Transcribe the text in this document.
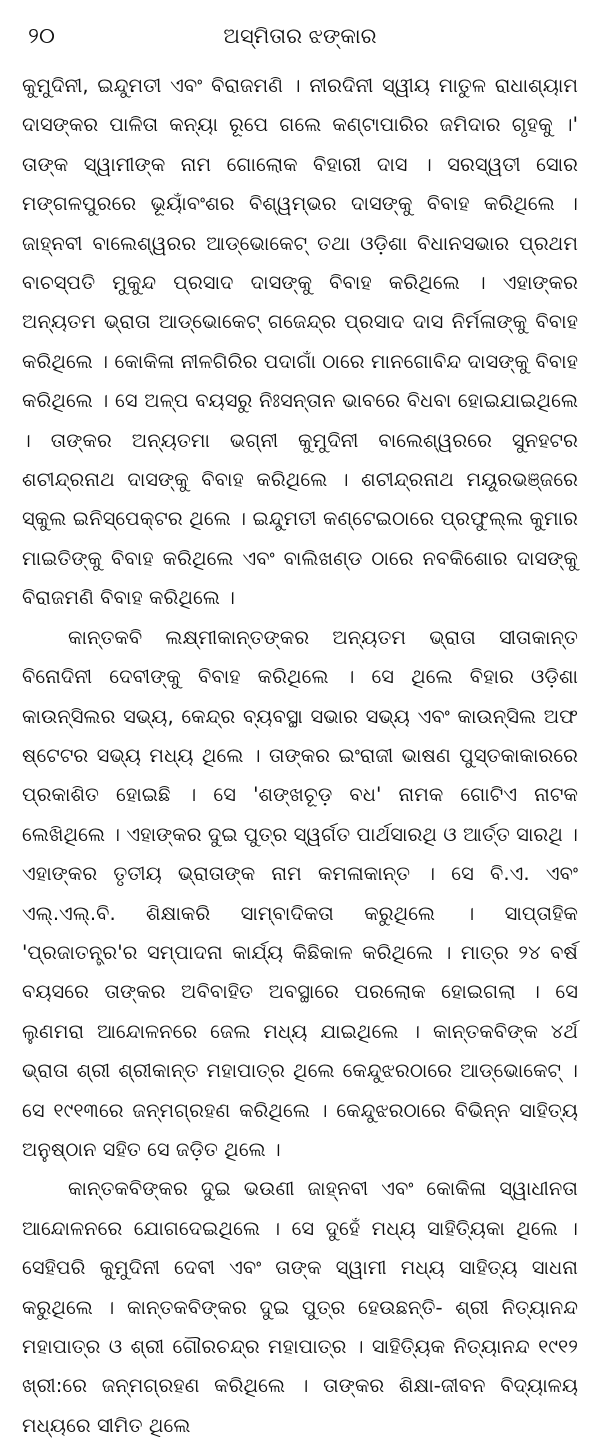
୨୦	ଅସ୍ମିତାର ଝଙ୍କାର

କୁମୁଦିନୀ, ଇନ୍ଦୁମତୀ ଏବଂ ବିରାଜମଣି । ନୀରଦିନୀ ସ୍ୱୀୟ ମାତୁଳ ରାଧାଶ୍ୟାମ ଦାସଙ୍କର ପାଳିତା କନ୍ୟା ରୂପେ ଗଲେ କଣ୍ଟାପାରିର ଜମିଦାର ଗୃହକୁ ।' ତାଙ୍କ ସ୍ୱାମୀଙ୍କ ନାମ ଗୋଲୋକ ବିହାରୀ ଦାସ । ସରସ୍ୱତୀ ସୋର ମଙ୍ଗଳପୁରରେ ଭୂୟାଁବଂଶର ବିଶ୍ୱମ୍ଭର ଦାସଙ୍କୁ ବିବାହ କରିଥିଲେ । ଜାହ୍ନବୀ ବାଲେଶ୍ୱରର ଆଡ୍‌ଭୋକେଟ୍ ତଥା ଓଡ଼ିଶା ବିଧାନସଭାର ପ୍ରଥମ ବାଚସ୍ପତି ମୁକୁନ୍ଦ ପ୍ରସାଦ ଦାସଙ୍କୁ ବିବାହ କରିଥିଲେ । ଏହାଙ୍କର ଅନ୍ୟତମ ଭ୍ରାତା ଆଡ୍‌ଭୋକେଟ୍ ଗଜେନ୍ଦ୍ର ପ୍ରସାଦ ଦାସ ନିର୍ମଳାଙ୍କୁ ବିବାହ କରିଥିଲେ । କୋକିଳା ନୀଳଗିରିର ପଦାଗାଁ ଠାରେ ମାନଗୋବିନ୍ଦ ଦାସଙ୍କୁ ବିବାହ କରିଥିଲେ । ସେ ଅଳ୍ପ ବୟସରୁ ନିଃସନ୍ତାନ ଭାବରେ ବିଧବା ହୋଇଯାଇଥିଲେ । ତାଙ୍କର ଅନ୍ୟତମା ଭଗ୍ନୀ କୁମୁଦିନୀ ବାଲେଶ୍ୱରରେ ସୁନହଟର ଶଚୀନ୍ଦ୍ରନାଥ ଦାସଙ୍କୁ ବିବାହ କରିଥିଲେ । ଶଚୀନ୍ଦ୍ରନାଥ ମୟୂରଭଞ୍ଜରେ ସ୍କୁଲ ଇନିସ୍‌ପେକ୍ଟର ଥିଲେ । ଇନ୍ଦୁମତୀ କଣ୍ଟେଇଠାରେ ପ୍ରଫୁଲ୍ଲ କୁମାର ମାଇତିଙ୍କୁ ବିବାହ କରିଥିଲେ ଏବଂ ବାଲିଖଣ୍ଡ ଠାରେ ନବକିଶୋର ଦାସଙ୍କୁ ବିରାଜମଣି ବିବାହ କରିଥିଲେ ।

କାନ୍ତକବି ଲକ୍ଷ୍ମୀକାନ୍ତଙ୍କର ଅନ୍ୟତମ ଭ୍ରାତା ସୀତାକାନ୍ତ ବିନୋଦିନୀ ଦେବୀଙ୍କୁ ବିବାହ କରିଥିଲେ । ସେ ଥିଲେ ବିହାର ଓଡ଼ିଶା କାଉନ୍‌ସିଲର ସଭ୍ୟ, କେନ୍ଦ୍ର ବ୍ୟବସ୍ଥା ସଭାର ସଭ୍ୟ ଏବଂ କାଉନ୍‌ସିଲ ଅଫ ଷ୍ଟେଟର ସଭ୍ୟ ମଧ୍ୟ ଥିଲେ । ତାଙ୍କର ଇଂରାଜୀ ଭାଷଣ ପୁସ୍ତକାକାରରେ ପ୍ରକାଶିତ ହୋଇଛି । ସେ 'ଶଙ୍ଖଚୂଡ଼ ବଧ' ନାମକ ଗୋଟିଏ ନାଟକ ଲେଖିଥିଲେ । ଏହାଙ୍କର ଦୁଇ ପୁତ୍ର ସ୍ୱର୍ଗତ ପାର୍ଥସାରଥି ଓ ଆର୍ତ୍ତ ସାରଥି । ଏହାଙ୍କର ତୃତୀୟ ଭ୍ରାତାଙ୍କ ନାମ କମଳାକାନ୍ତ । ସେ ବି.ଏ. ଏବଂ ଏଲ୍.ଏଲ୍.ବି. ଶିକ୍ଷାକରି ସାମ୍ବାଦିକତା କରୁଥିଲେ । ସାପ୍ତାହିକ 'ପ୍ରଜାତନ୍ତ୍ର'ର ସମ୍ପାଦନା କାର୍ଯ୍ୟ କିଛିକାଳ କରିଥିଲେ । ମାତ୍ର ୨୪ ବର୍ଷ ବୟସରେ ତାଙ୍କର ଅବିବାହିତ ଅବସ୍ଥାରେ ପରଲୋକ ହୋଇଗଲା । ସେ ଲୁଣମରା ଆନ୍ଦୋଳନରେ ଜେଲ ମଧ୍ୟ ଯାଇଥିଲେ । କାନ୍ତକବିଙ୍କ ୪ର୍ଥ ଭ୍ରାତା ଶ୍ରୀ ଶ୍ରୀକାନ୍ତ ମହାପାତ୍ର ଥିଲେ କେନ୍ଦୁଝରଠାରେ ଆଡ୍‌ଭୋକେଟ୍ । ସେ ୧୯୧୩ରେ ଜନ୍ମଗ୍ରହଣ କରିଥିଲେ । କେନ୍ଦୁଝରଠାରେ ବିଭିନ୍ନ ସାହିତ୍ୟ ଅନୁଷ୍ଠାନ ସହିତ ସେ ଜଡ଼ିତ ଥିଲେ ।

କାନ୍ତକବିଙ୍କର ଦୁଇ ଭଉଣୀ ଜାହ୍ନବୀ ଏବଂ କୋକିଳା ସ୍ୱାଧୀନତା ଆନ୍ଦୋଳନରେ ଯୋଗଦେଇଥିଲେ । ସେ ଦୁହେଁ ମଧ୍ୟ ସାହିତ୍ୟିକା ଥିଲେ । ସେହିପରି କୁମୁଦିନୀ ଦେବୀ ଏବଂ ତାଙ୍କ ସ୍ୱାମୀ ମଧ୍ୟ ସାହିତ୍ୟ ସାଧନା କରୁଥିଲେ । କାନ୍ତକବିଙ୍କର ଦୁଇ ପୁତ୍ର ହେଉଛନ୍ତି- ଶ୍ରୀ ନିତ୍ୟାନନ୍ଦ ମହାପାତ୍ର ଓ ଶ୍ରୀ ଗୌରଚନ୍ଦ୍ର ମହାପାତ୍ର । ସାହିତ୍ୟିକ ନିତ୍ୟାନନ୍ଦ ୧୯୧୨ ଖ୍ରୀ:ରେ ଜନ୍ମଗ୍ରହଣ କରିଥିଲେ । ତାଙ୍କର ଶିକ୍ଷା-ଜୀବନ ବିଦ୍ୟାଳୟ ମଧ୍ୟରେ ସୀମିତ ଥିଲେ
